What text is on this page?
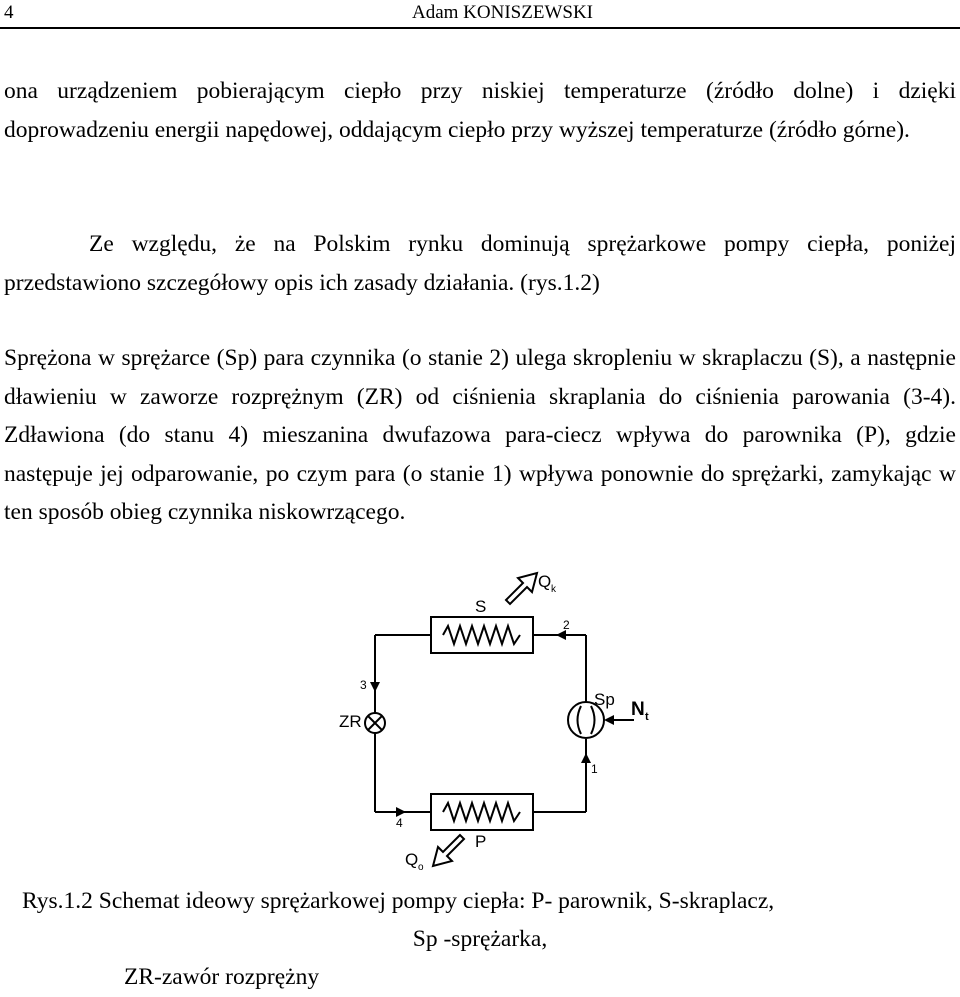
4	Adam KONISZEWSKI

ona urządzeniem pobierającym ciepło przy niskiej temperaturze (źródło dolne) i dzięki doprowadzeniu energii napędowej, oddającym ciepło przy wyższej temperaturze (źródło górne).

Ze względu, że na Polskim rynku dominują sprężarkowe pompy ciepła, poniżej przedstawiono szczegółowy opis ich zasady działania. (rys.1.2)

Sprężona w sprężarce (Sp) para czynnika (o stanie 2) ulega skropleniu w skraplaczu (S), a następnie dławieniu w zaworze rozprężnym (ZR) od ciśnienia skraplania do ciśnienia parowania (3-4). Zdławiona (do stanu 4) mieszanina dwufazowa para-ciecz wpływa do parownika (P), gdzie następuje jej odparowanie, po czym para (o stanie 1) wpływa ponownie do sprężarki, zamykając w ten sposób obieg czynnika niskowrzącego.

S
P
Sp
ZR
Q k
Q o
N t
1
2
3
4
Rys.1.2 Schemat ideowy sprężarkowej pompy ciepła: P- parownik, S-skraplacz,
Sp -sprężarka,
ZR-zawór rozprężny
